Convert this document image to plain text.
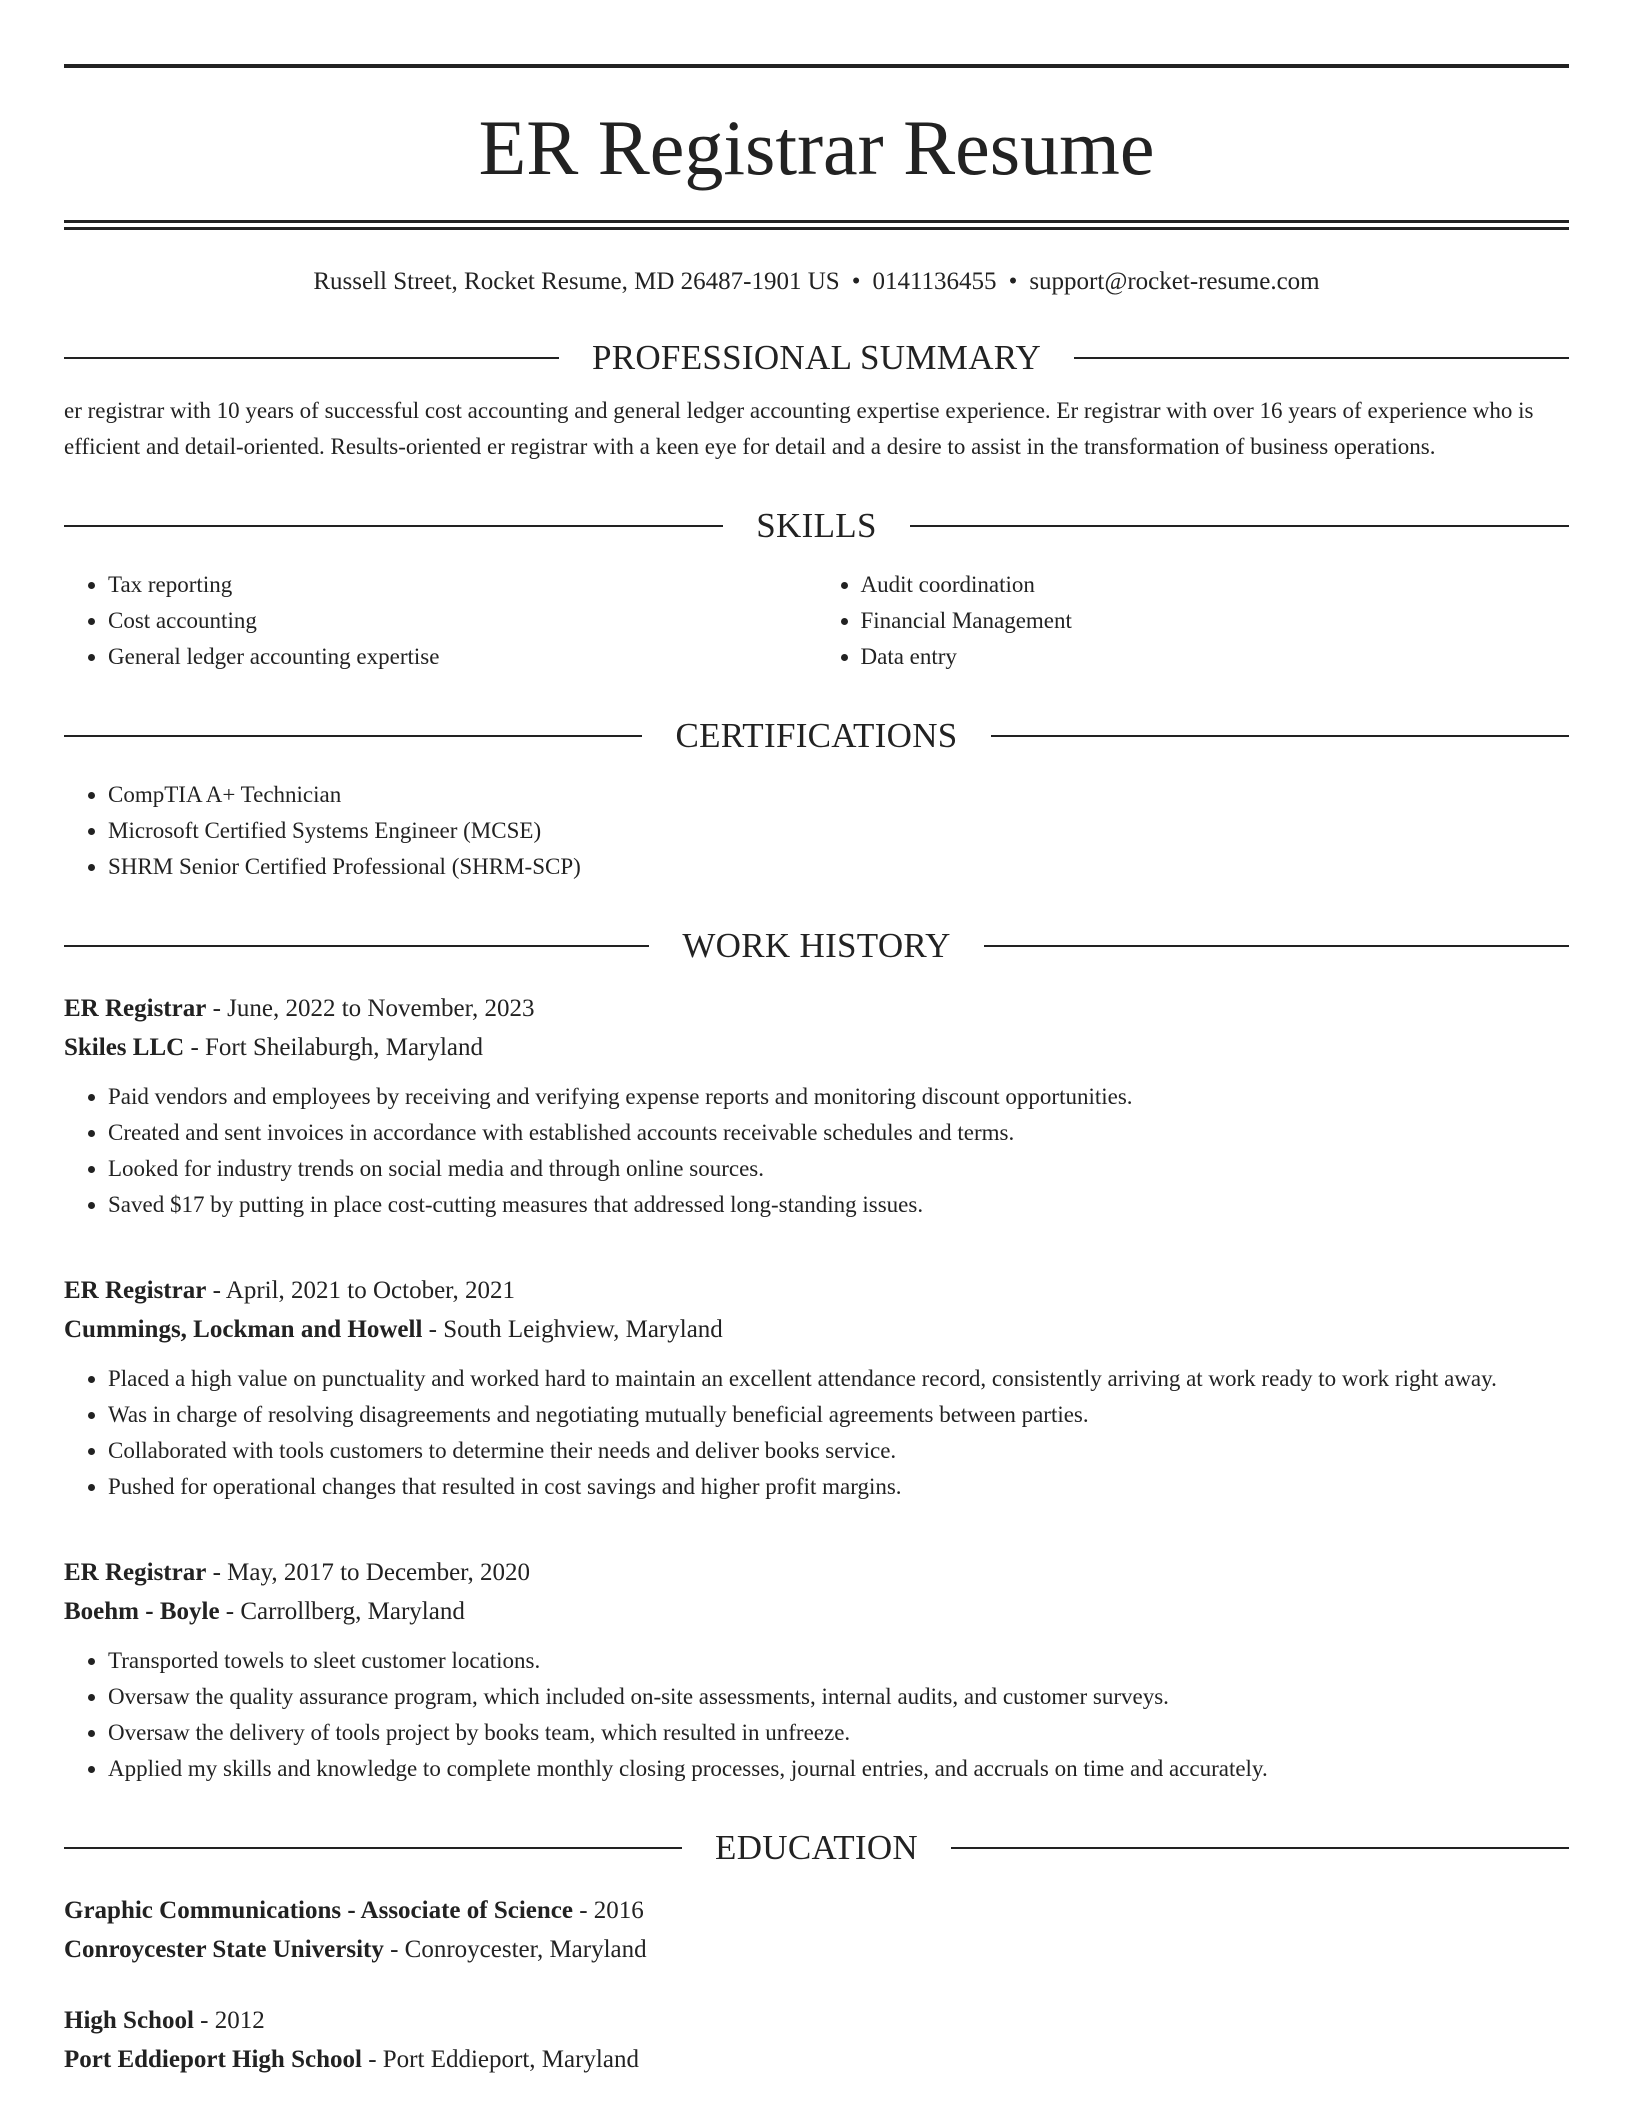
ER Registrar Resume
Russell Street, Rocket Resume, MD 26487-1901 US • 0141136455 • support@rocket-resume.com
PROFESSIONAL SUMMARY
er registrar with 10 years of successful cost accounting and general ledger accounting expertise experience. Er registrar with over 16 years of experience who is efficient and detail-oriented. Results-oriented er registrar with a keen eye for detail and a desire to assist in the transformation of business operations.
SKILLS
• Tax reporting
• Cost accounting
• General ledger accounting expertise
• Audit coordination
• Financial Management
• Data entry
CERTIFICATIONS
• CompTIA A+ Technician
• Microsoft Certified Systems Engineer (MCSE)
• SHRM Senior Certified Professional (SHRM-SCP)
WORK HISTORY
ER Registrar - June, 2022 to November, 2023
Skiles LLC - Fort Sheilaburgh, Maryland
• Paid vendors and employees by receiving and verifying expense reports and monitoring discount opportunities.
• Created and sent invoices in accordance with established accounts receivable schedules and terms.
• Looked for industry trends on social media and through online sources.
• Saved $17 by putting in place cost-cutting measures that addressed long-standing issues.
ER Registrar - April, 2021 to October, 2021
Cummings, Lockman and Howell - South Leighview, Maryland
• Placed a high value on punctuality and worked hard to maintain an excellent attendance record, consistently arriving at work ready to work right away.
• Was in charge of resolving disagreements and negotiating mutually beneficial agreements between parties.
• Collaborated with tools customers to determine their needs and deliver books service.
• Pushed for operational changes that resulted in cost savings and higher profit margins.
ER Registrar - May, 2017 to December, 2020
Boehm - Boyle - Carrollberg, Maryland
• Transported towels to sleet customer locations.
• Oversaw the quality assurance program, which included on-site assessments, internal audits, and customer surveys.
• Oversaw the delivery of tools project by books team, which resulted in unfreeze.
• Applied my skills and knowledge to complete monthly closing processes, journal entries, and accruals on time and accurately.
EDUCATION
Graphic Communications - Associate of Science - 2016
Conroycester State University - Conroycester, Maryland
High School - 2012
Port Eddieport High School - Port Eddieport, Maryland
